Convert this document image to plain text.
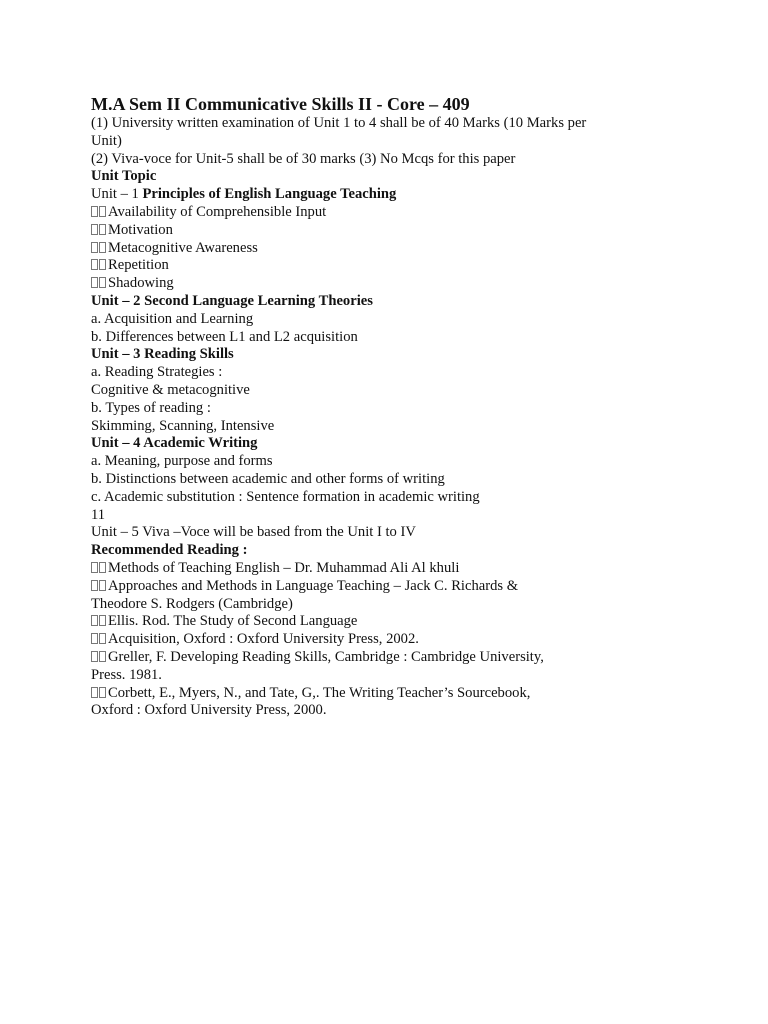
M.A Sem II Communicative Skills II - Core – 409
(1) University written examination of Unit 1 to 4 shall be of 40 Marks (10 Marks per
Unit)
(2) Viva-voce for Unit-5 shall be of 30 marks (3) No Mcqs for this paper
Unit Topic
Unit – 1 Principles of English Language Teaching
Availability of Comprehensible Input
Motivation
Metacognitive Awareness
Repetition
Shadowing
Unit – 2 Second Language Learning Theories
a. Acquisition and Learning
b. Differences between L1 and L2 acquisition
Unit – 3 Reading Skills
a. Reading Strategies :
Cognitive & metacognitive
b. Types of reading :
Skimming, Scanning, Intensive
Unit – 4 Academic Writing
a. Meaning, purpose and forms
b. Distinctions between academic and other forms of writing
c. Academic substitution : Sentence formation in academic writing
11
Unit – 5 Viva –Voce will be based from the Unit I to IV
Recommended Reading :
Methods of Teaching English – Dr. Muhammad Ali Al khuli
Approaches and Methods in Language Teaching – Jack C. Richards &
Theodore S. Rodgers (Cambridge)
Ellis. Rod. The Study of Second Language
Acquisition, Oxford : Oxford University Press, 2002.
Greller, F. Developing Reading Skills, Cambridge : Cambridge University,
Press. 1981.
Corbett, E., Myers, N., and Tate, G,. The Writing Teacher’s Sourcebook,
Oxford : Oxford University Press, 2000.
